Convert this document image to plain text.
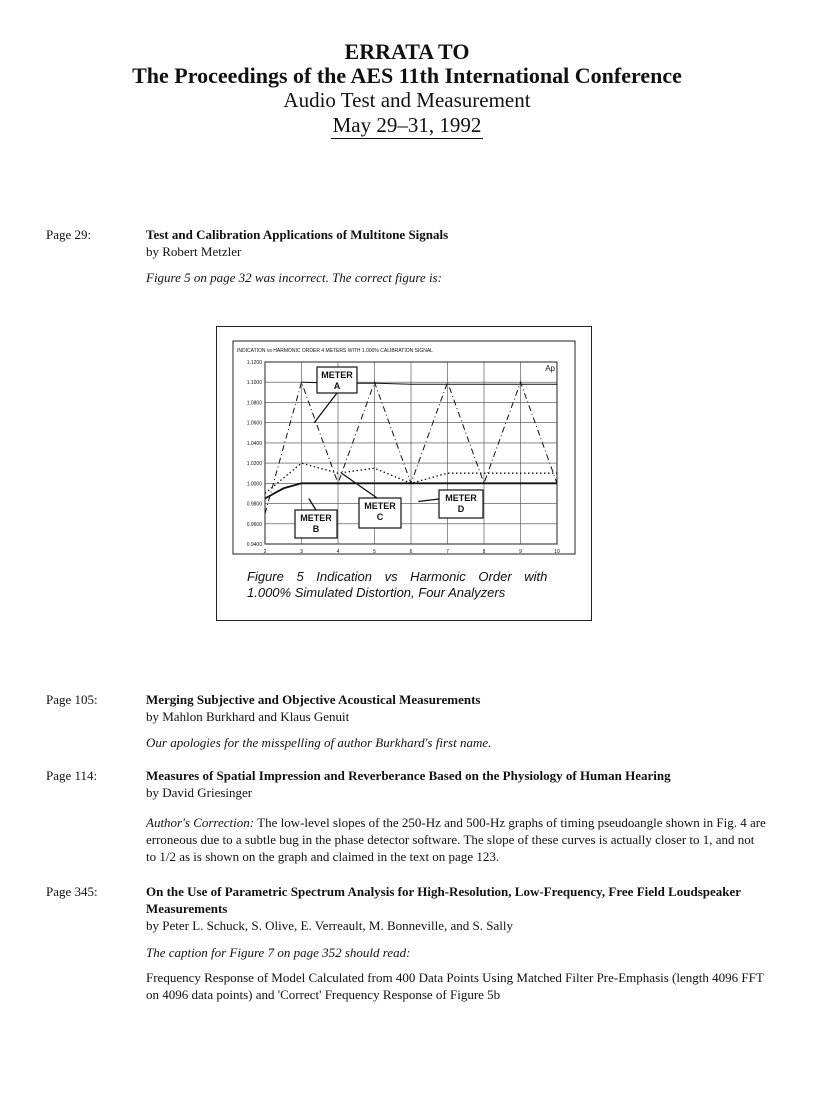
ERRATA TO
The Proceedings of the AES 11th International Conference
Audio Test and Measurement
May 29–31, 1992
Page 29:	Test and Calibration Applications of Multitone Signals
by Robert Metzler
Figure 5 on page 32 was incorrect. The correct figure is:
INDICATION vs HARMONIC ORDER 4 METERS WITH 1.000% CALIBRATION SIGNAL
Ap
1.1200
1.1000
1.0800
1.0600
1.0400
1.0200
1.0000
0.9800
0.9600
0.9400
2	3	4	5	6	7	8	9	10
METER
A
METER
B
METER
C
METER
D
Figure 5 Indication vs Harmonic Order with
1.000% Simulated Distortion, Four Analyzers
Page 105:	Merging Subjective and Objective Acoustical Measurements
by Mahlon Burkhard and Klaus Genuit
Our apologies for the misspelling of author Burkhard's first name.
Page 114:	Measures of Spatial Impression and Reverberance Based on the Physiology of Human Hearing
by David Griesinger
Author's Correction: The low-level slopes of the 250-Hz and 500-Hz graphs of timing pseudoangle shown in Fig. 4 are erroneous due to a subtle bug in the phase detector software. The slope of these curves is actually closer to 1, and not to 1/2 as is shown on the graph and claimed in the text on page 123.
Page 345:	On the Use of Parametric Spectrum Analysis for High-Resolution, Low-Frequency, Free Field Loudspeaker Measurements
by Peter L. Schuck, S. Olive, E. Verreault, M. Bonneville, and S. Sally
The caption for Figure 7 on page 352 should read:
Frequency Response of Model Calculated from 400 Data Points Using Matched Filter Pre-Emphasis (length 4096 FFT on 4096 data points) and 'Correct' Frequency Response of Figure 5b
